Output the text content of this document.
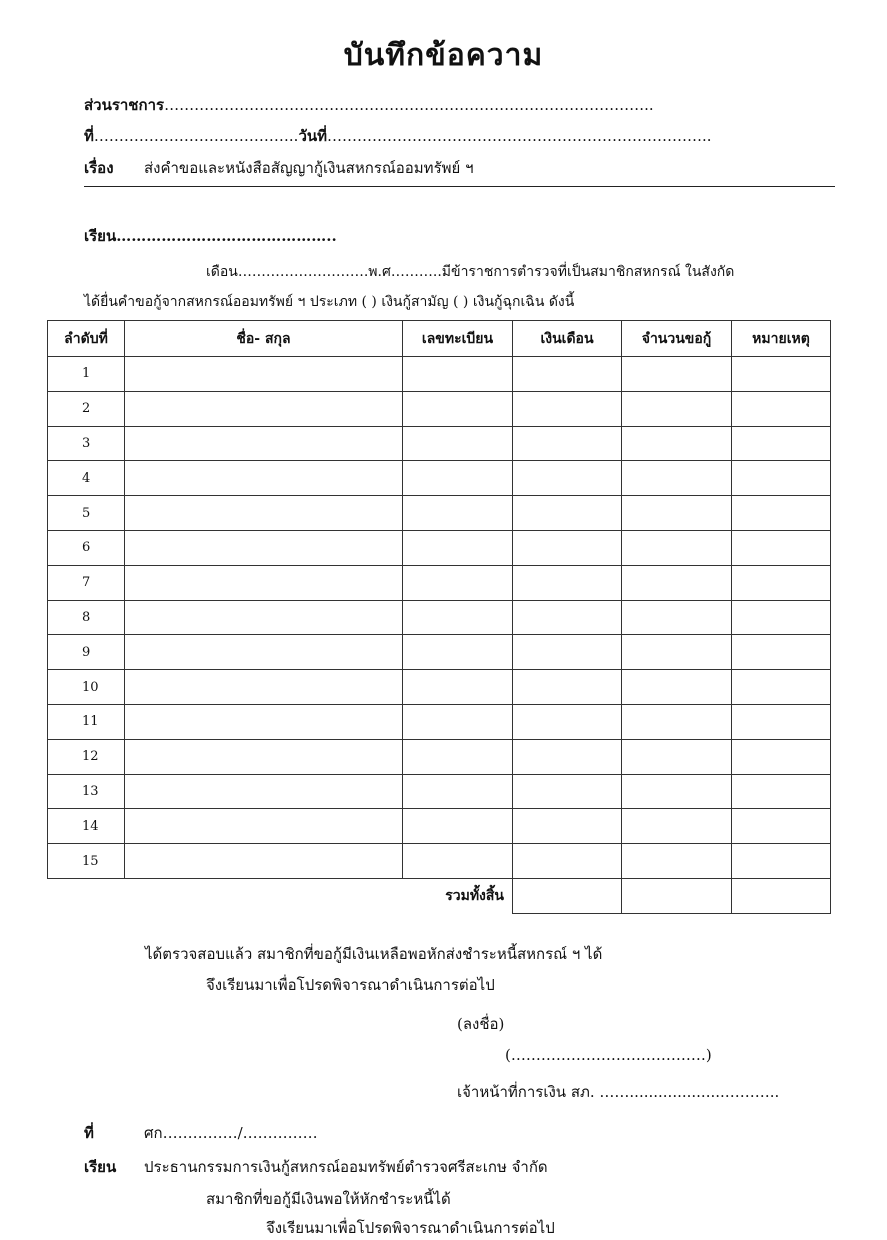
บันทึกข้อความ
ส่วนราชการ……………………………………………………………………………………..
ที่…………………………………..วันที่…………………………………………………………………..
เรื่อง ส่งคำขอและหนังสือสัญญากู้เงินสหกรณ์ออมทรัพย์ ฯ
เรียน……………………………………..
เดือน……………………….พ.ศ………..มีข้าราชการตำรวจที่เป็นสมาชิกสหกรณ์ ในสังกัด
ได้ยื่นคำขอกู้จากสหกรณ์ออมทรัพย์ ฯ ประเภท ( ) เงินกู้สามัญ ( ) เงินกู้ฉุกเฉิน ดังนี้
ลำดับที่	ชื่อ- สกุล	เลขทะเบียน	เงินเดือน	จำนวนขอกู้	หมายเหตุ
1					
2					
3					
4					
5					
6					
7					
8					
9					
10					
11					
12					
13					
14					
15					
	รวมทั้งสิ้น				
ได้ตรวจสอบแล้ว สมาชิกที่ขอกู้มีเงินเหลือพอหักส่งชำระหนี้สหกรณ์ ฯ ได้
จึงเรียนมาเพื่อโปรดพิจารณาดำเนินการต่อไป
(ลงชื่อ)
(…………………………………)
เจ้าหน้าที่การเงิน สภ. ……....................………..
ที่	ศก……………/……………
เรียน ประธานกรรมการเงินกู้สหกรณ์ออมทรัพย์ตำรวจศรีสะเกษ จำกัด
สมาชิกที่ขอกู้มีเงินพอให้หักชำระหนี้ได้
จึงเรียนมาเพื่อโปรดพิจารณาดำเนินการต่อไป
